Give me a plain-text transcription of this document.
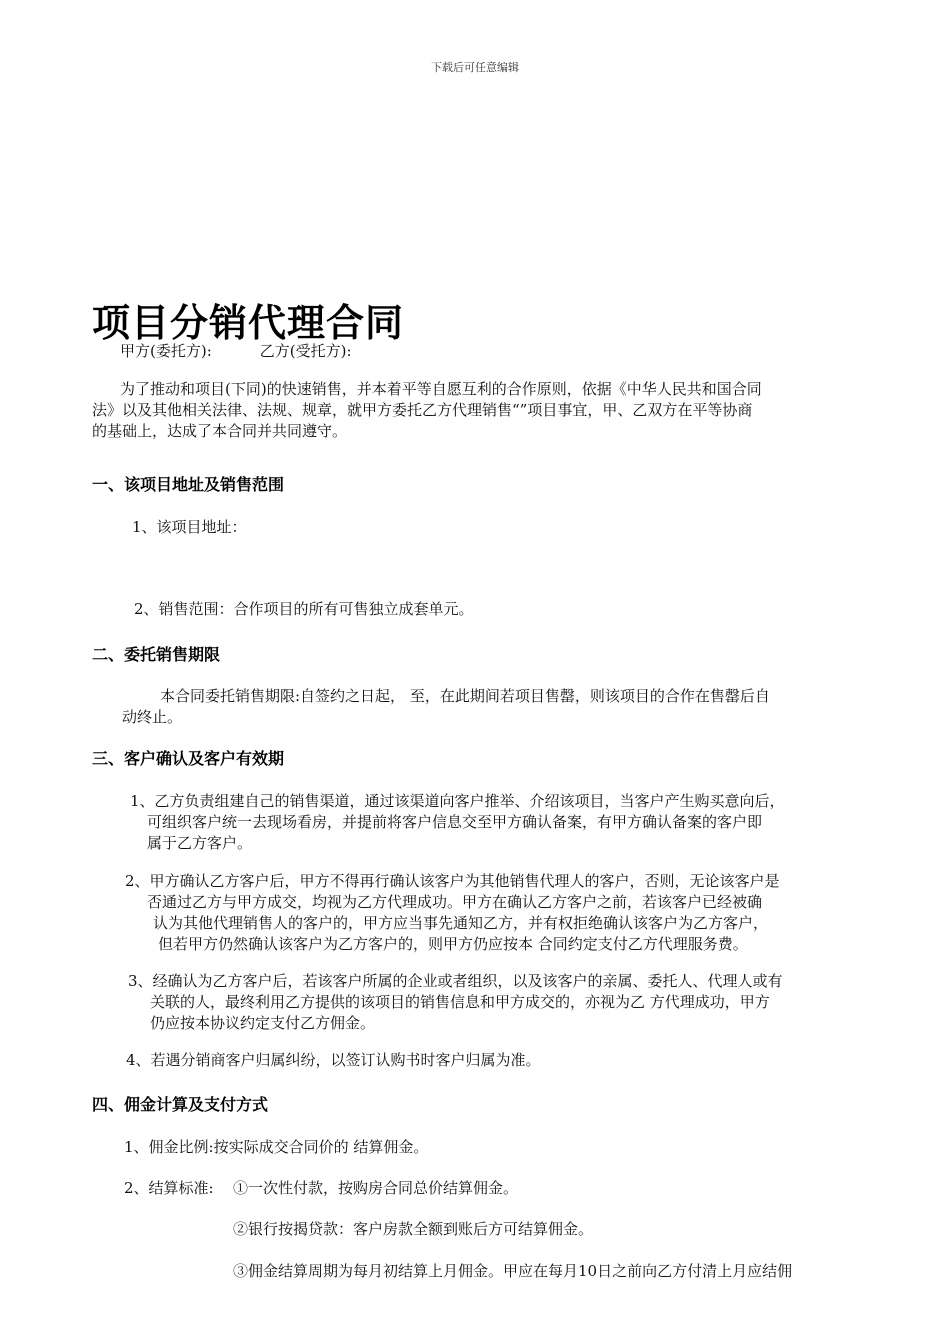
下载后可任意编辑
项目分销代理合同
甲方(委托方):	乙方(受托方):
为了推动和项目(下同)的快速销售，并本着平等自愿互利的合作原则，依据《中华人民共和国合同
法》以及其他相关法律、法规、规章，就甲方委托乙方代理销售“”项目事宜，甲、乙双方在平等协商
的基础上，达成了本合同并共同遵守。
一、该项目地址及销售范围
1、该项目地址：
2、销售范围：合作项目的所有可售独立成套单元。
二、委托销售期限
本合同委托销售期限:自签约之日起， 至，在此期间若项目售罄，则该项目的合作在售罄后自
动终止。
三、客户确认及客户有效期
1、乙方负责组建自己的销售渠道，通过该渠道向客户推举、介绍该项目，当客户产生购买意向后，
可组织客户统一去现场看房，并提前将客户信息交至甲方确认备案，有甲方确认备案的客户即
属于乙方客户。
2、甲方确认乙方客户后，甲方不得再行确认该客户为其他销售代理人的客户，否则，无论该客户是
否通过乙方与甲方成交，均视为乙方代理成功。甲方在确认乙方客户之前，若该客户已经被确
认为其他代理销售人的客户的，甲方应当事先通知乙方，并有权拒绝确认该客户为乙方客户，
但若甲方仍然确认该客户为乙方客户的，则甲方仍应按本 合同约定支付乙方代理服务费。
3、经确认为乙方客户后，若该客户所属的企业或者组织，以及该客户的亲属、委托人、代理人或有
关联的人，最终利用乙方提供的该项目的销售信息和甲方成交的，亦视为乙 方代理成功，甲方
仍应按本协议约定支付乙方佣金。
4、若遇分销商客户归属纠纷，以签订认购书时客户归属为准。
四、佣金计算及支付方式
1、佣金比例:按实际成交合同价的 结算佣金。
2、结算标准: ①一次性付款，按购房合同总价结算佣金。
②银行按揭贷款：客户房款全额到账后方可结算佣金。
③佣金结算周期为每月初结算上月佣金。甲应在每月10日之前向乙方付清上月应结佣
